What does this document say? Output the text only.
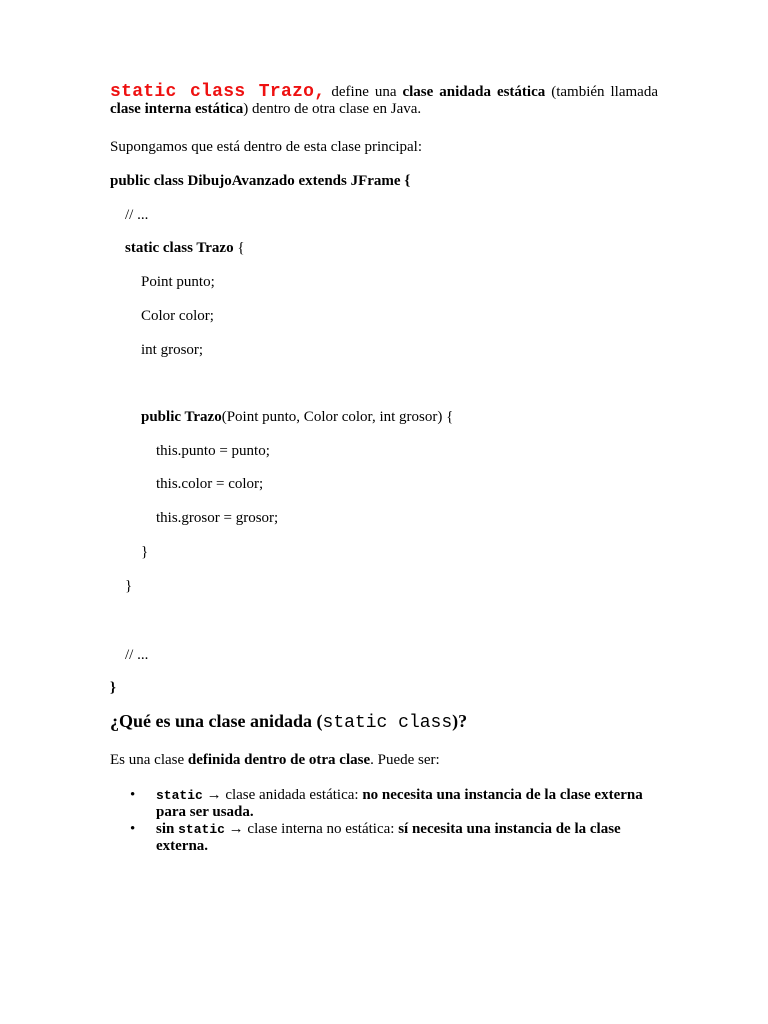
static class Trazo, define una clase anidada estática (también llamada clase interna estática) dentro de otra clase en Java.

Supongamos que está dentro de esta clase principal:

public class DibujoAvanzado extends JFrame {

// ...

static class Trazo {

Point punto;

Color color;

int grosor;

public Trazo(Point punto, Color color, int grosor) {

this.punto = punto;

this.color = color;

this.grosor = grosor;

}

}

// ...

}

¿Qué es una clase anidada (static class)?

Es una clase definida dentro de otra clase. Puede ser:

• static → clase anidada estática: no necesita una instancia de la clase externa para ser usada.
• sin static → clase interna no estática: sí necesita una instancia de la clase externa.
